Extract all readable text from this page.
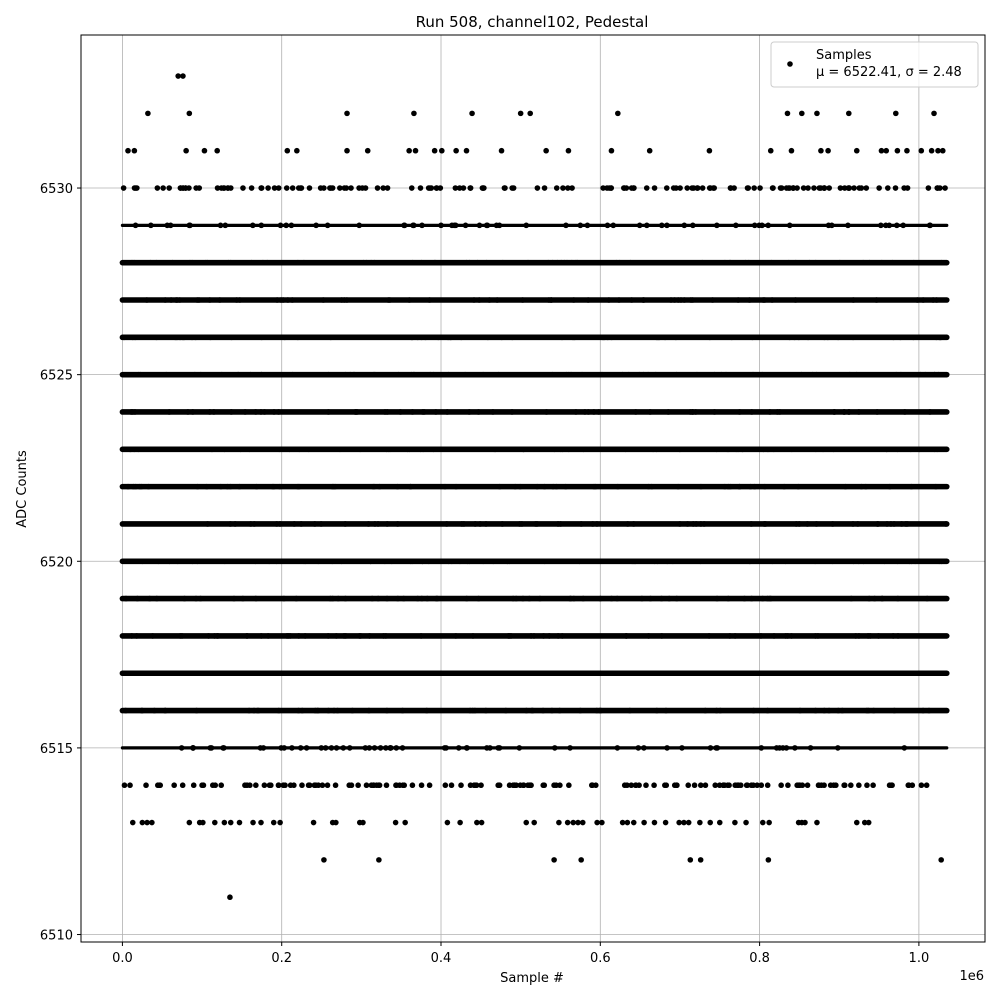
Run 508, channel102, Pedestal
0.0	0.2	0.4	0.6	0.8	1.0
6510
6515
6520
6525
6530
Sample #	1e6
ADC Counts
Samples
μ = 6522.41, σ = 2.48
